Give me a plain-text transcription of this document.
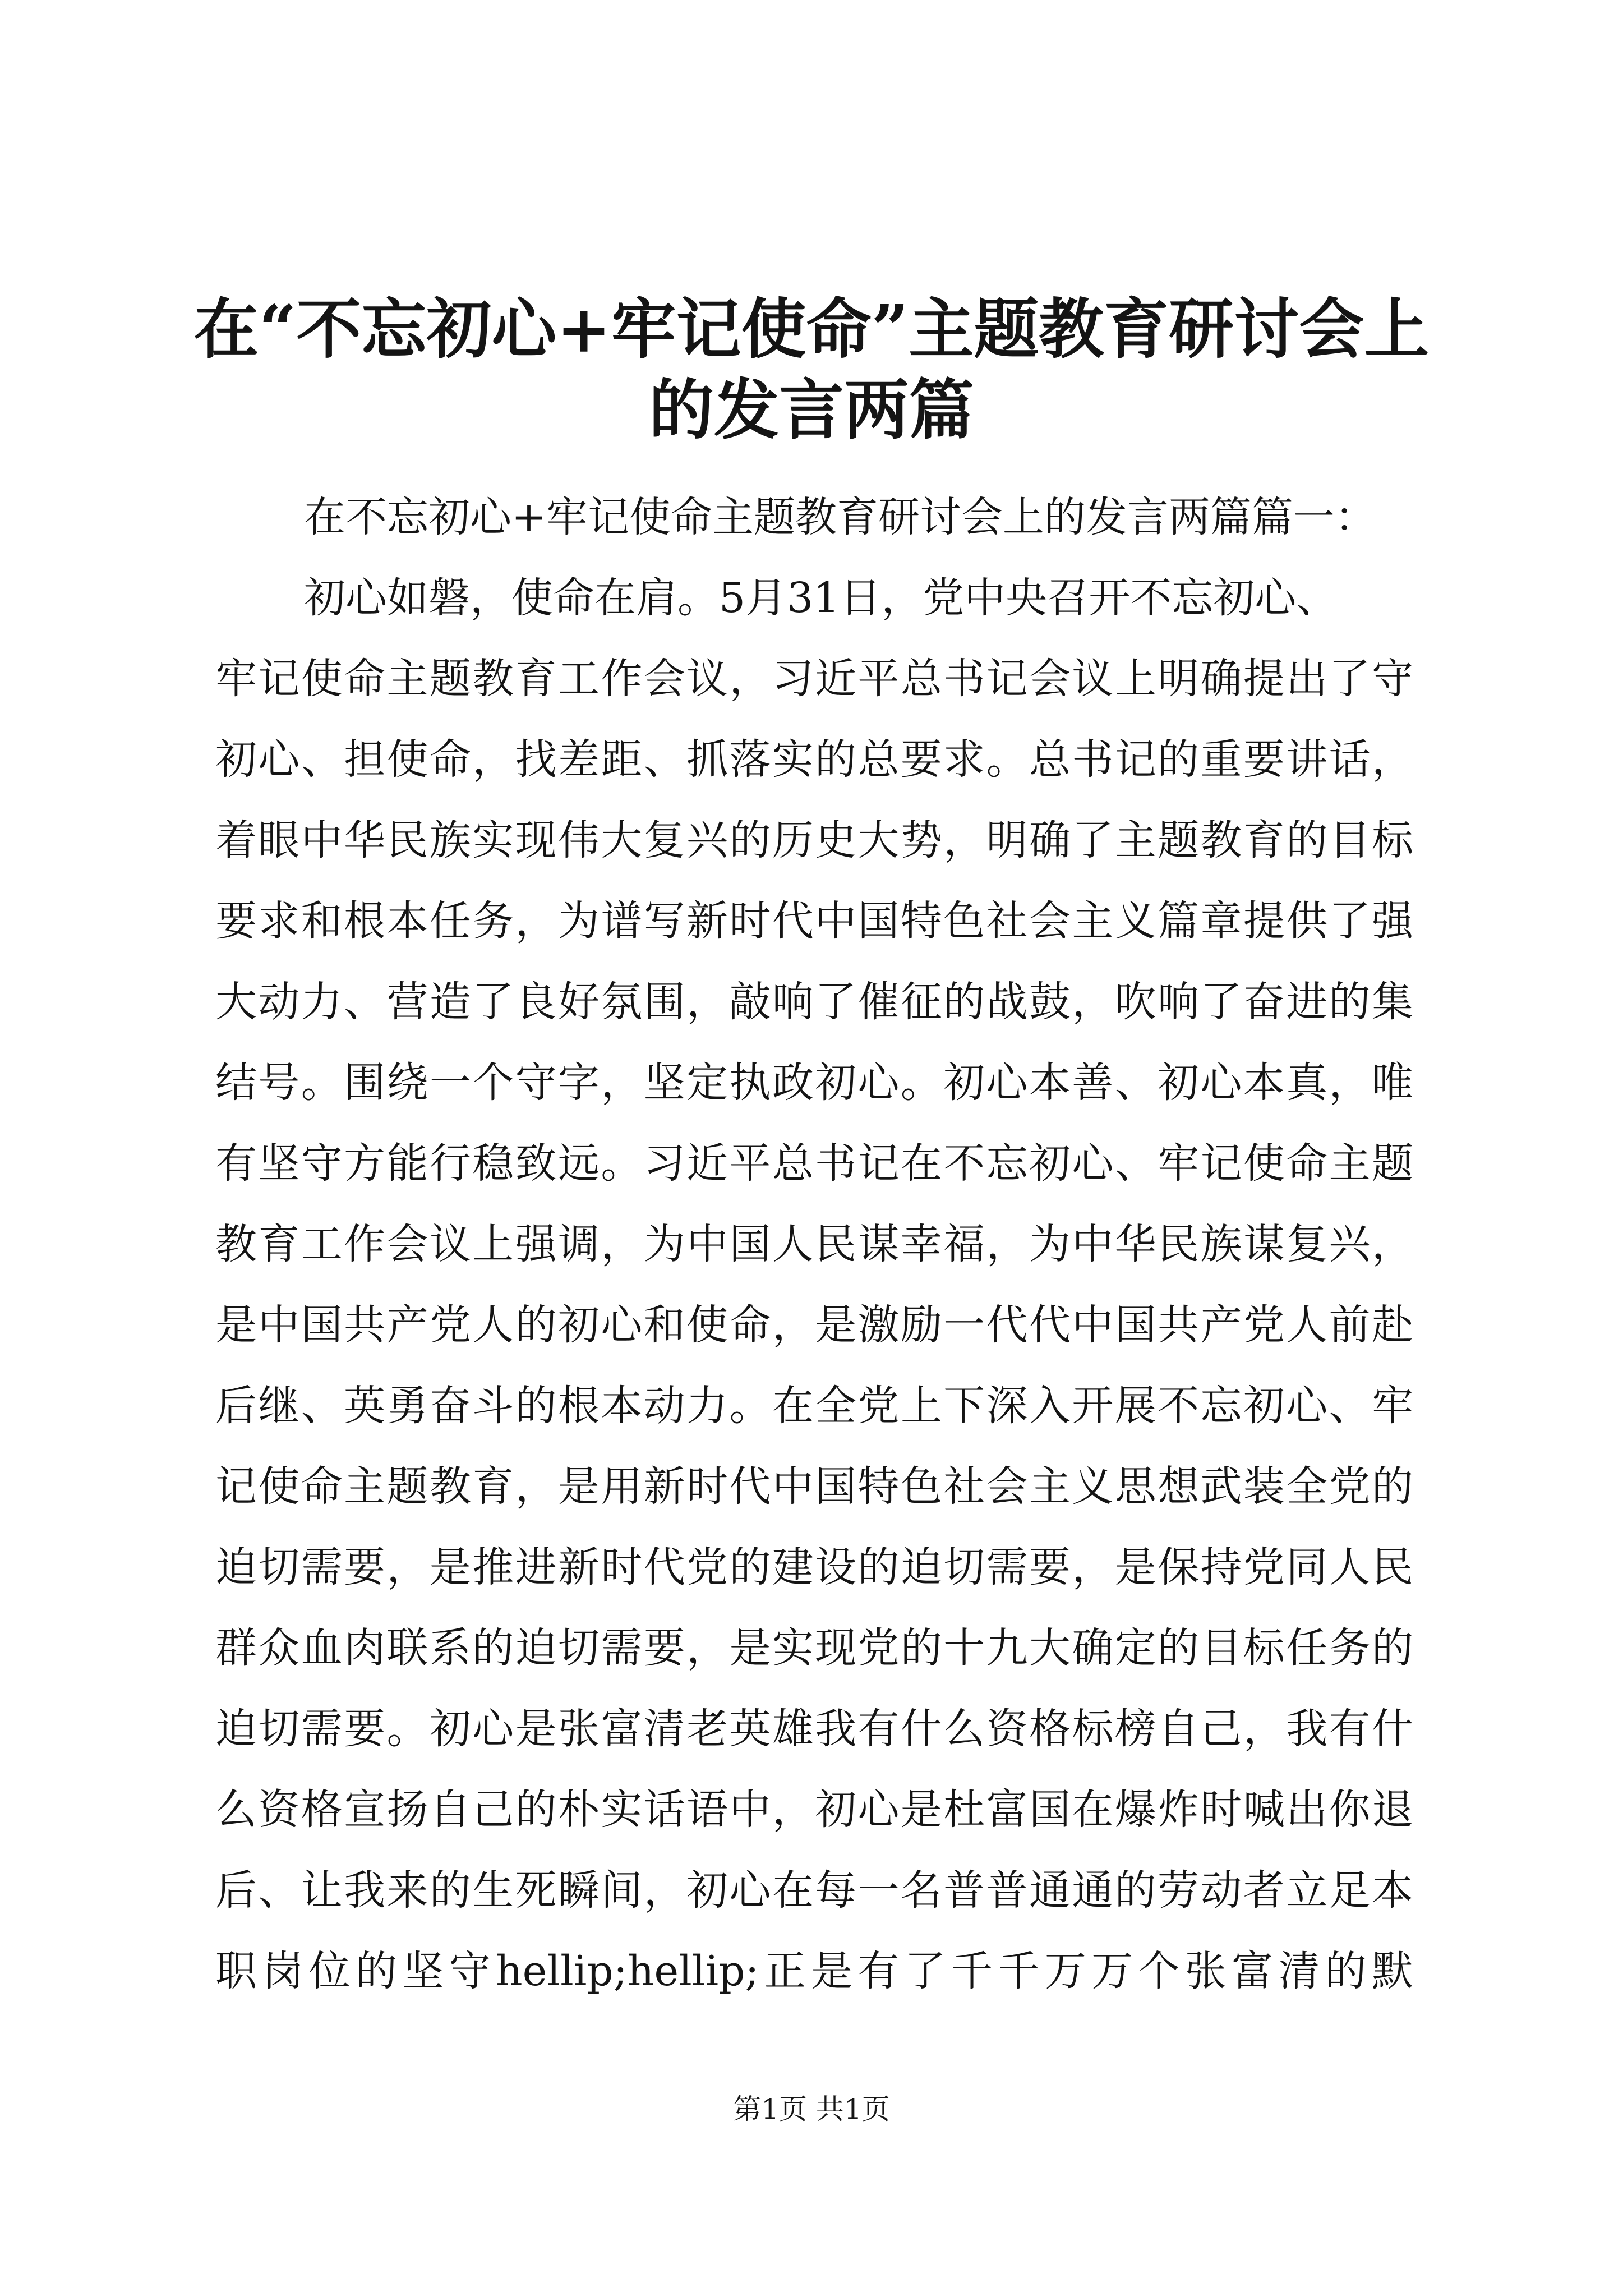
在“不忘初心+牢记使命”主题教育研讨会上
的发言两篇
在不忘初心+牢记使命主题教育研讨会上的发言两篇篇一：
初心如磐，使命在肩。5月31日，党中央召开不忘初心、
牢记使命主题教育工作会议，习近平总书记会议上明确提出了守
初心、担使命，找差距、抓落实的总要求。总书记的重要讲话，
着眼中华民族实现伟大复兴的历史大势，明确了主题教育的目标
要求和根本任务，为谱写新时代中国特色社会主义篇章提供了强
大动力、营造了良好氛围，敲响了催征的战鼓，吹响了奋进的集
结号。围绕一个守字，坚定执政初心。初心本善、初心本真，唯
有坚守方能行稳致远。习近平总书记在不忘初心、牢记使命主题
教育工作会议上强调，为中国人民谋幸福，为中华民族谋复兴，
是中国共产党人的初心和使命，是激励一代代中国共产党人前赴
后继、英勇奋斗的根本动力。在全党上下深入开展不忘初心、牢
记使命主题教育，是用新时代中国特色社会主义思想武装全党的
迫切需要，是推进新时代党的建设的迫切需要，是保持党同人民
群众血肉联系的迫切需要，是实现党的十九大确定的目标任务的
迫切需要。初心是张富清老英雄我有什么资格标榜自己，我有什
么资格宣扬自己的朴实话语中，初心是杜富国在爆炸时喊出你退
后、让我来的生死瞬间，初心在每一名普普通通的劳动者立足本
职岗位的坚守hellip;hellip;正是有了千千万万个张富清的默
第1页 共1页
